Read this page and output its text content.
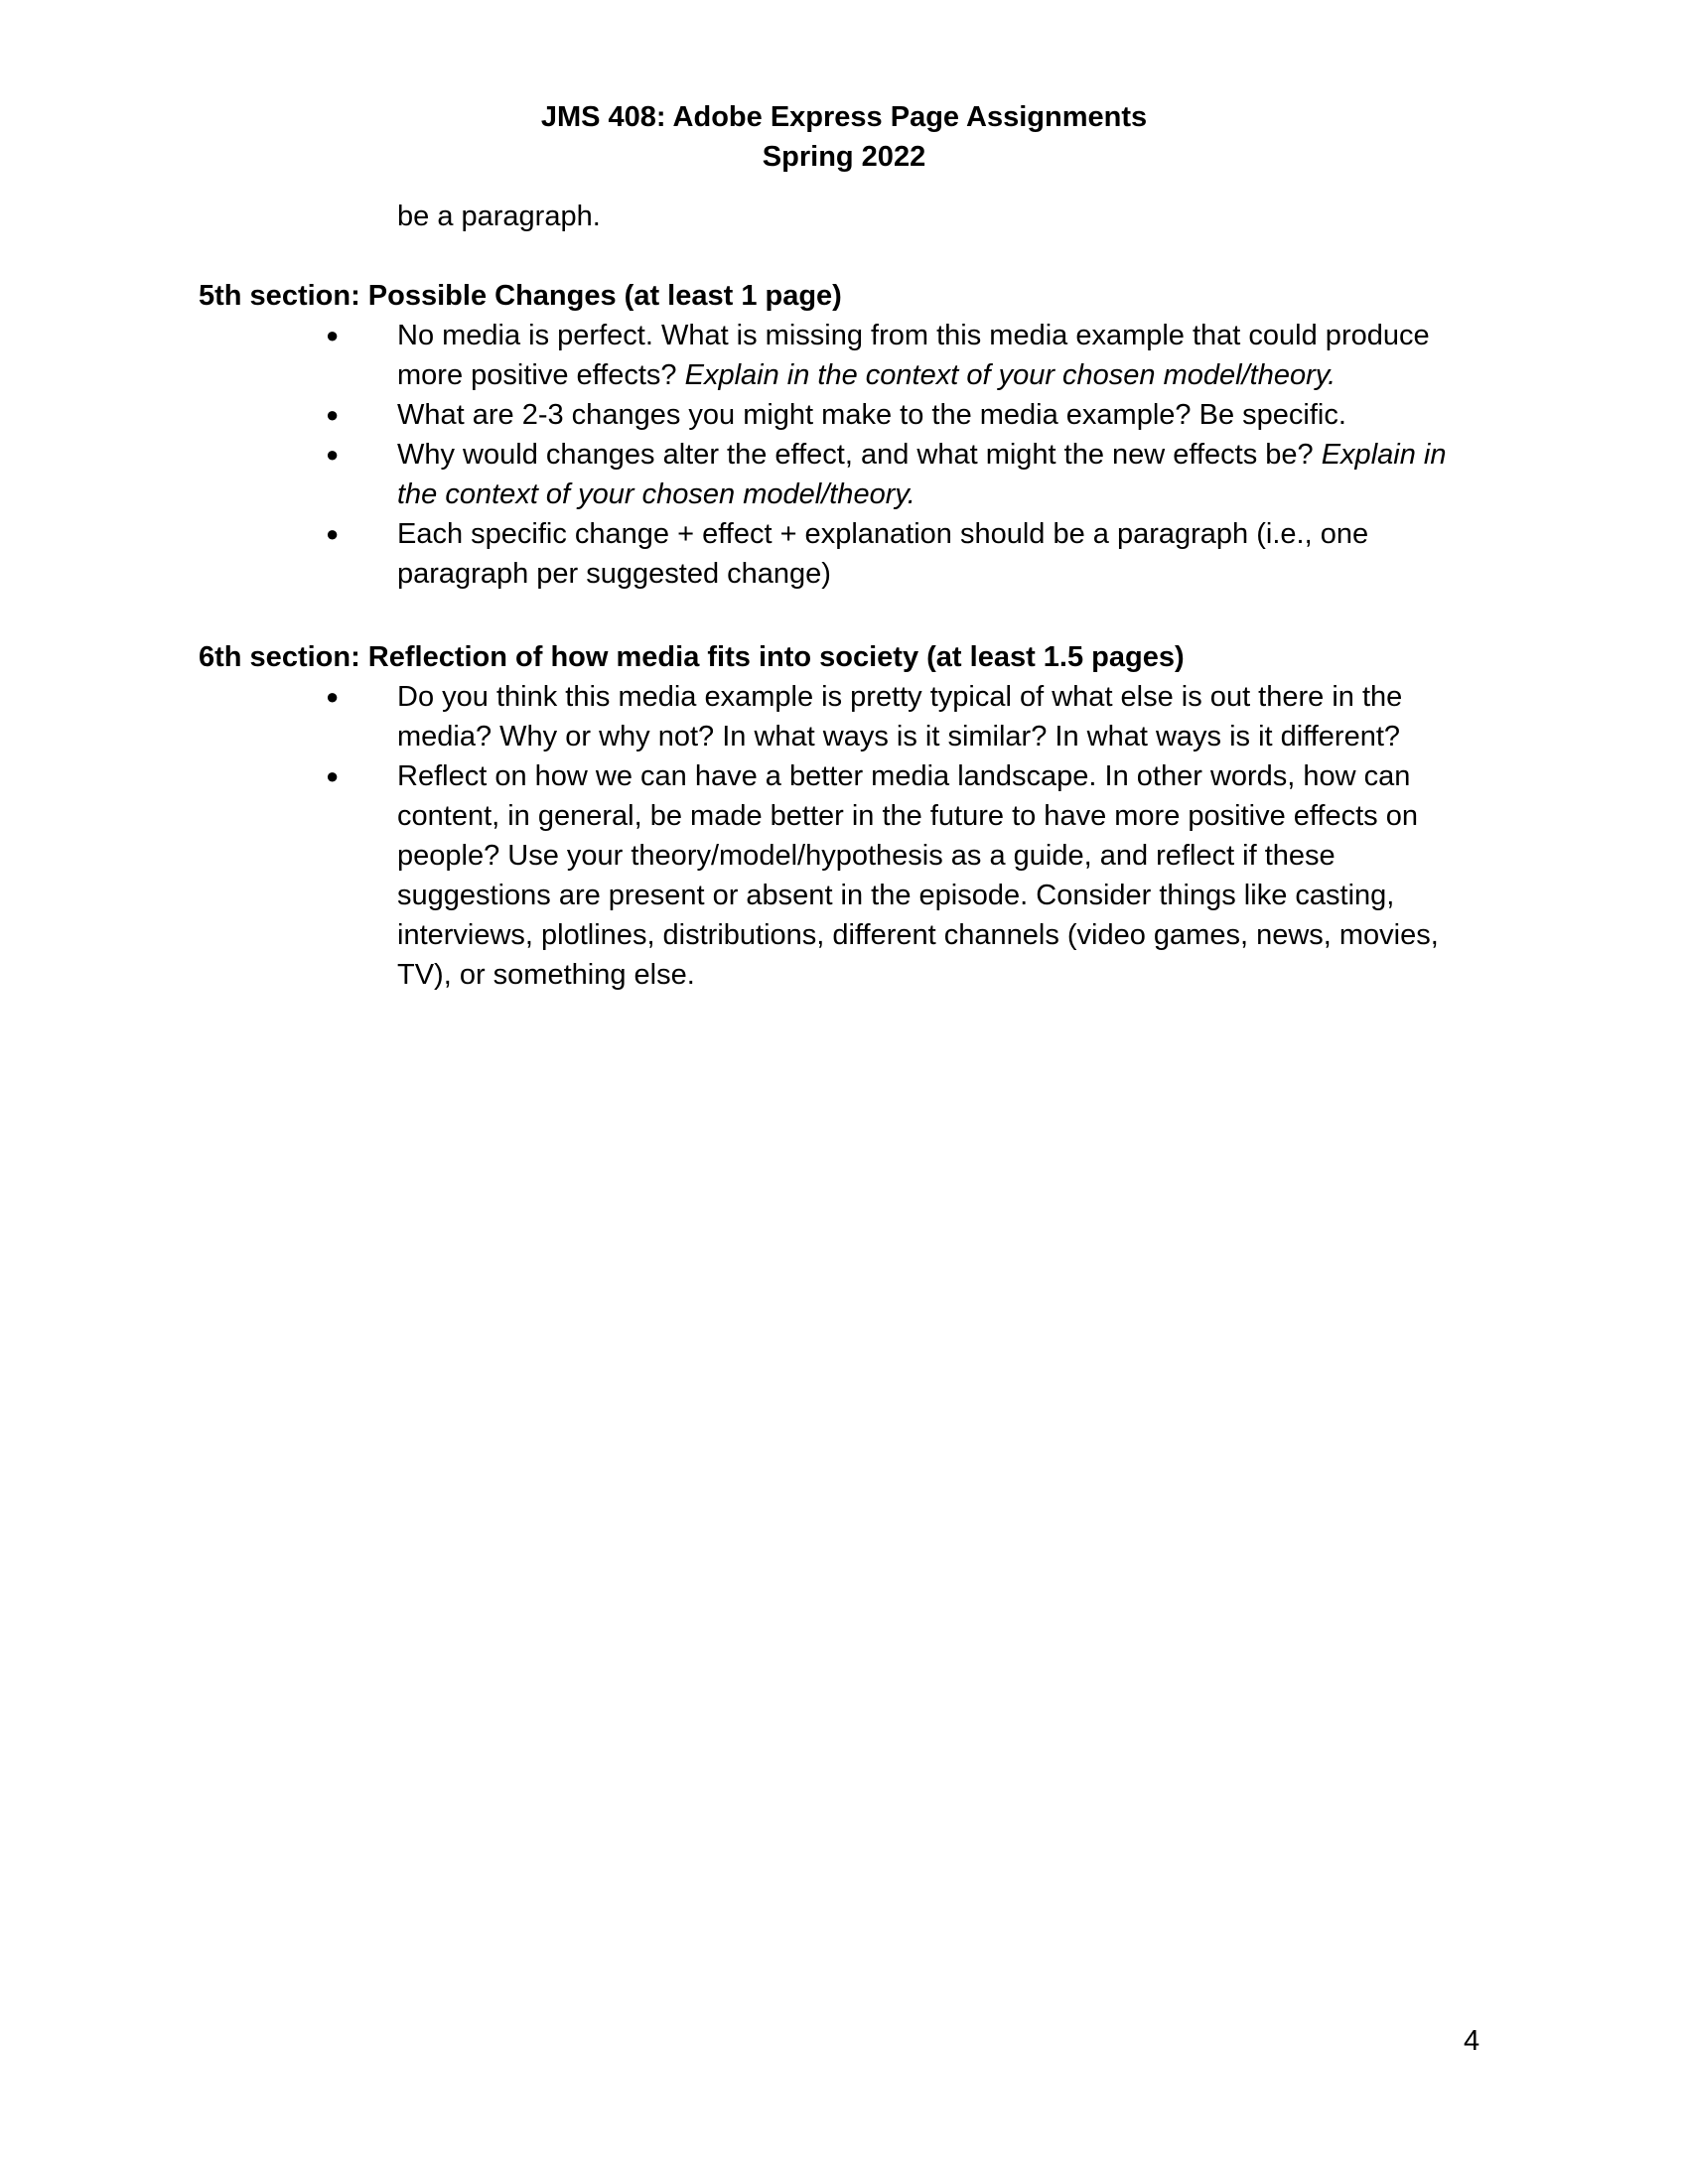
JMS 408: Adobe Express Page Assignments
Spring 2022
be a paragraph.
5th section: Possible Changes (at least 1 page)
● No media is perfect. What is missing from this media example that could produce more positive effects? Explain in the context of your chosen model/theory.
● What are 2-3 changes you might make to the media example? Be specific.
● Why would changes alter the effect, and what might the new effects be? Explain in the context of your chosen model/theory.
● Each specific change + effect + explanation should be a paragraph (i.e., one paragraph per suggested change)
6th section: Reflection of how media fits into society (at least 1.5 pages)
● Do you think this media example is pretty typical of what else is out there in the media? Why or why not? In what ways is it similar? In what ways is it different?
● Reflect on how we can have a better media landscape. In other words, how can content, in general, be made better in the future to have more positive effects on people? Use your theory/model/hypothesis as a guide, and reflect if these suggestions are present or absent in the episode. Consider things like casting, interviews, plotlines, distributions, different channels (video games, news, movies, TV), or something else.
4
